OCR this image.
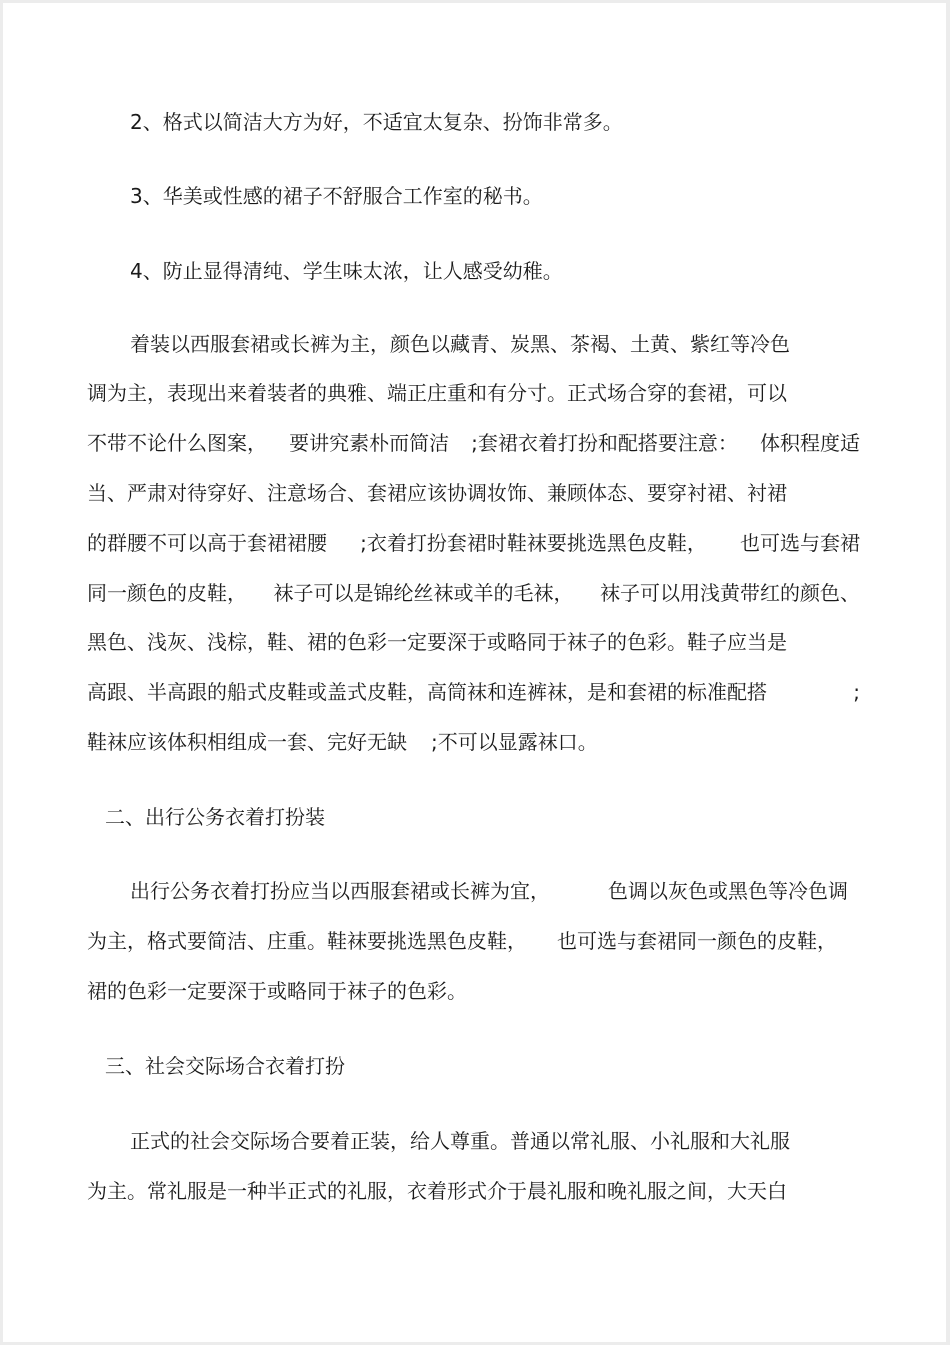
2、格式以简洁大方为好，不适宜太复杂、扮饰非常多。
3、华美或性感的裙子不舒服合工作室的秘书。
4、防止显得清纯、学生味太浓，让人感受幼稚。
着装以西服套裙或长裤为主，颜色以藏青、炭黑、茶褐、土黄、紫红等冷色
调为主，表现出来着装者的典雅、端正庄重和有分寸。正式场合穿的套裙，可以
不带不论什么图案， 要讲究素朴而简洁 ;套裙衣着打扮和配搭要注意： 体积程度适
当、严肃对待穿好、注意场合、套裙应该协调妆饰、兼顾体态、要穿衬裙、衬裙
的群腰不可以高于套裙裙腰 ;衣着打扮套裙时鞋袜要挑选黑色皮鞋， 也可选与套裙
同一颜色的皮鞋， 袜子可以是锦纶丝袜或羊的毛袜， 袜子可以用浅黄带红的颜色、
黑色、浅灰、浅棕，鞋、裙的色彩一定要深于或略同于袜子的色彩。鞋子应当是
高跟、半高跟的船式皮鞋或盖式皮鞋，高筒袜和连裤袜，是和套裙的标准配搭	;
鞋袜应该体积相组成一套、完好无缺 ;不可以显露袜口。
二、出行公务衣着打扮装
出行公务衣着打扮应当以西服套裙或长裤为宜，	色调以灰色或黑色等冷色调
为主，格式要简洁、庄重。鞋袜要挑选黑色皮鞋， 也可选与套裙同一颜色的皮鞋，
裙的色彩一定要深于或略同于袜子的色彩。
三、社会交际场合衣着打扮
正式的社会交际场合要着正装，给人尊重。普通以常礼服、小礼服和大礼服
为主。常礼服是一种半正式的礼服，衣着形式介于晨礼服和晚礼服之间，大天白
